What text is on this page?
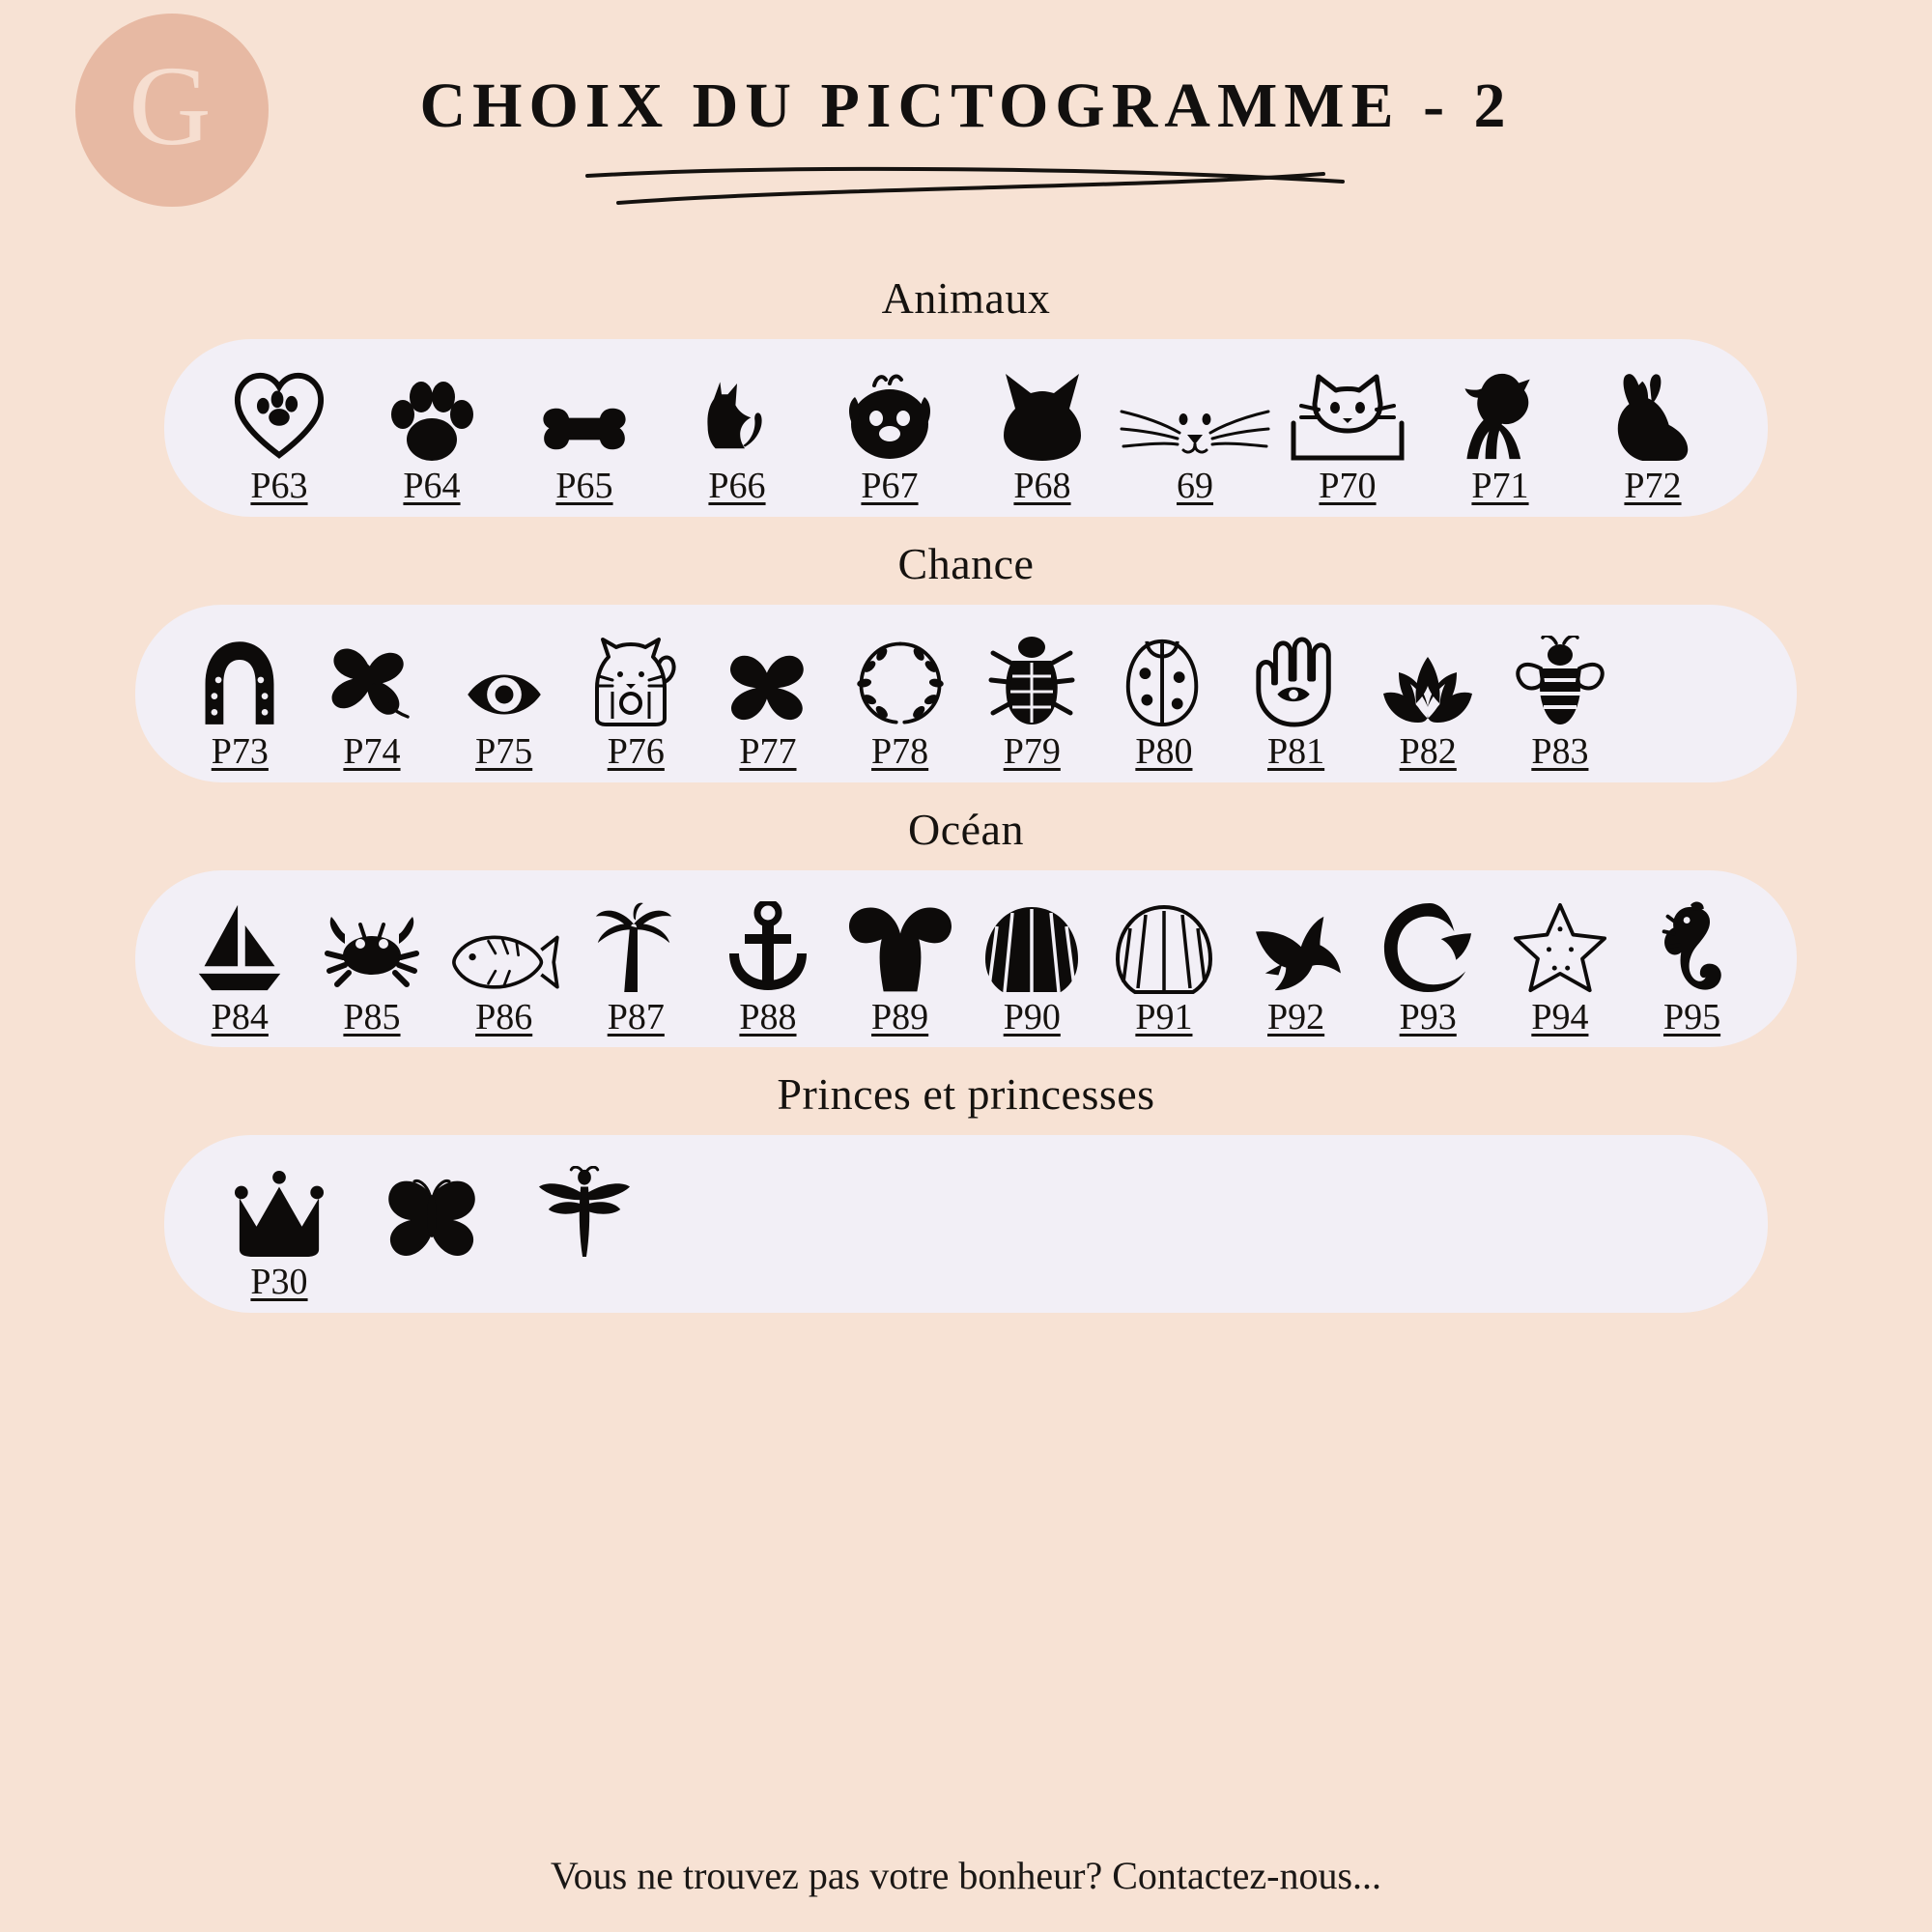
G	CHOIX DU PICTOGRAMME - 2
Animaux
P63	P64	P65	P66	P67	P68	69	P70	P71	P72
Chance
P73 P74 P75 P76 P77 P78 P79 P80 P81 P82 P83
Océan
P84 P85 P86 P87 P88 P89 P90 P91 P92 P93 P94 P95
Princes et princesses
P30
Vous ne trouvez pas votre bonheur? Contactez-nous...
